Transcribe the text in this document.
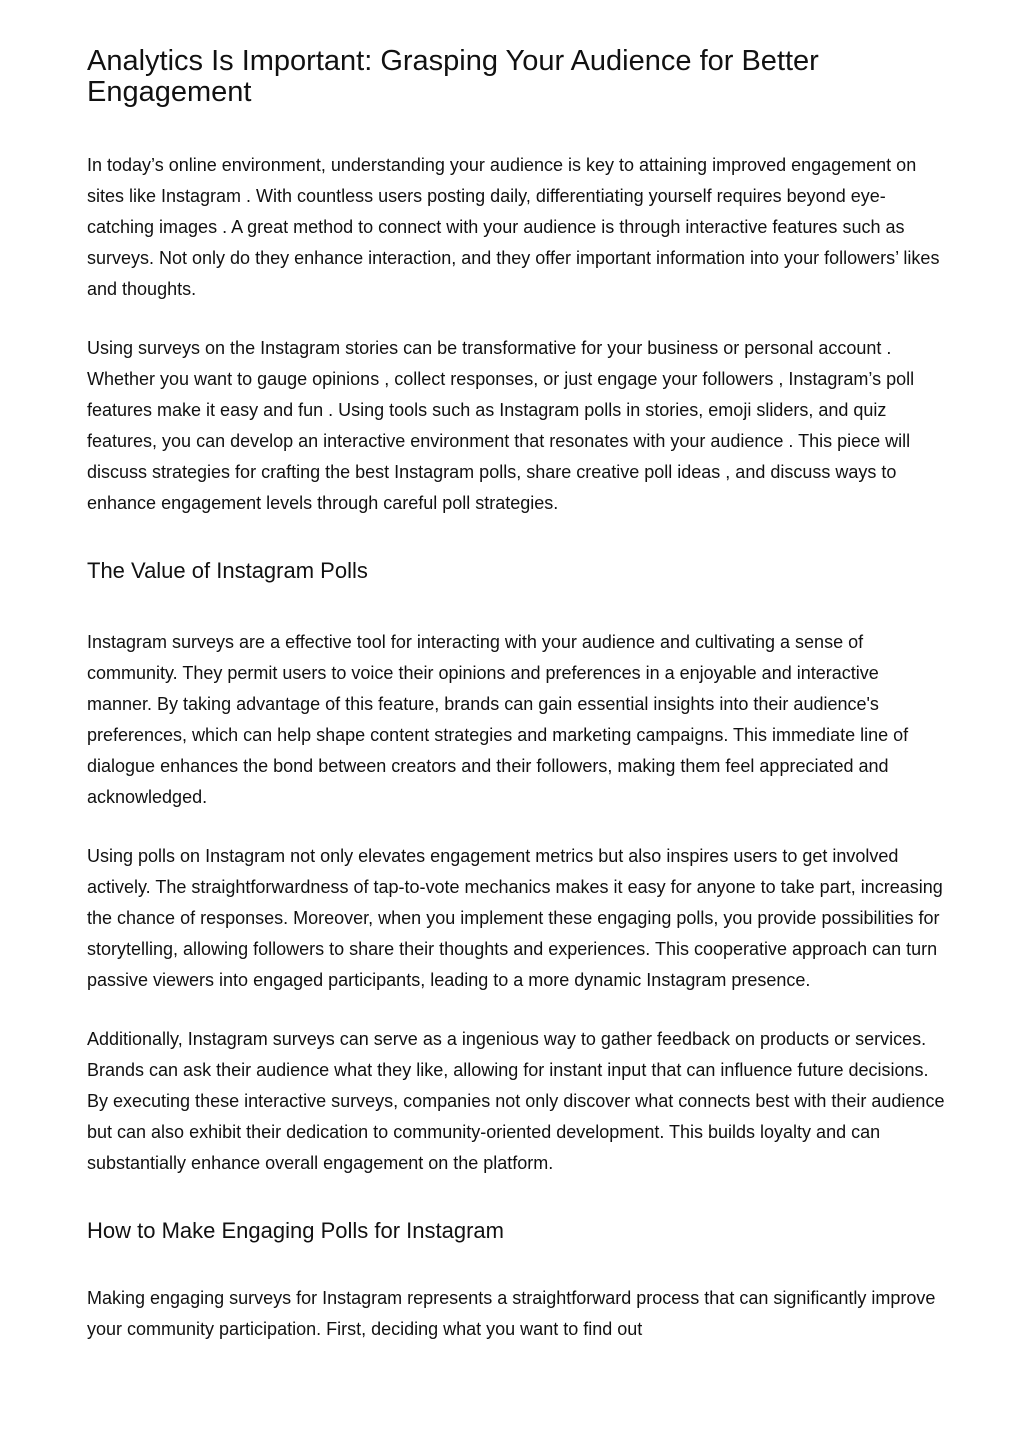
Analytics Is Important: Grasping Your Audience for Better Engagement

In today’s online environment, understanding your audience is key to attaining improved engagement on sites like Instagram . With countless users posting daily, differentiating yourself requires beyond eye-catching images . A great method to connect with your audience is through interactive features such as surveys. Not only do they enhance interaction, and they offer important information into your followers’ likes and thoughts.

Using surveys on the Instagram stories can be transformative for your business or personal account . Whether you want to gauge opinions , collect responses, or just engage your followers , Instagram’s poll features make it easy and fun . Using tools such as Instagram polls in stories, emoji sliders, and quiz features, you can develop an interactive environment that resonates with your audience . This piece will discuss strategies for crafting the best Instagram polls, share creative poll ideas , and discuss ways to enhance engagement levels through careful poll strategies.

The Value of Instagram Polls

Instagram surveys are a effective tool for interacting with your audience and cultivating a sense of community. They permit users to voice their opinions and preferences in a enjoyable and interactive manner. By taking advantage of this feature, brands can gain essential insights into their audience's preferences, which can help shape content strategies and marketing campaigns. This immediate line of dialogue enhances the bond between creators and their followers, making them feel appreciated and acknowledged.

Using polls on Instagram not only elevates engagement metrics but also inspires users to get involved actively. The straightforwardness of tap-to-vote mechanics makes it easy for anyone to take part, increasing the chance of responses. Moreover, when you implement these engaging polls, you provide possibilities for storytelling, allowing followers to share their thoughts and experiences. This cooperative approach can turn passive viewers into engaged participants, leading to a more dynamic Instagram presence.

Additionally, Instagram surveys can serve as a ingenious way to gather feedback on products or services. Brands can ask their audience what they like, allowing for instant input that can influence future decisions. By executing these interactive surveys, companies not only discover what connects best with their audience but can also exhibit their dedication to community-oriented development. This builds loyalty and can substantially enhance overall engagement on the platform.

How to Make Engaging Polls for Instagram

Making engaging surveys for Instagram represents a straightforward process that can significantly improve your community participation. First, deciding what you want to find out
